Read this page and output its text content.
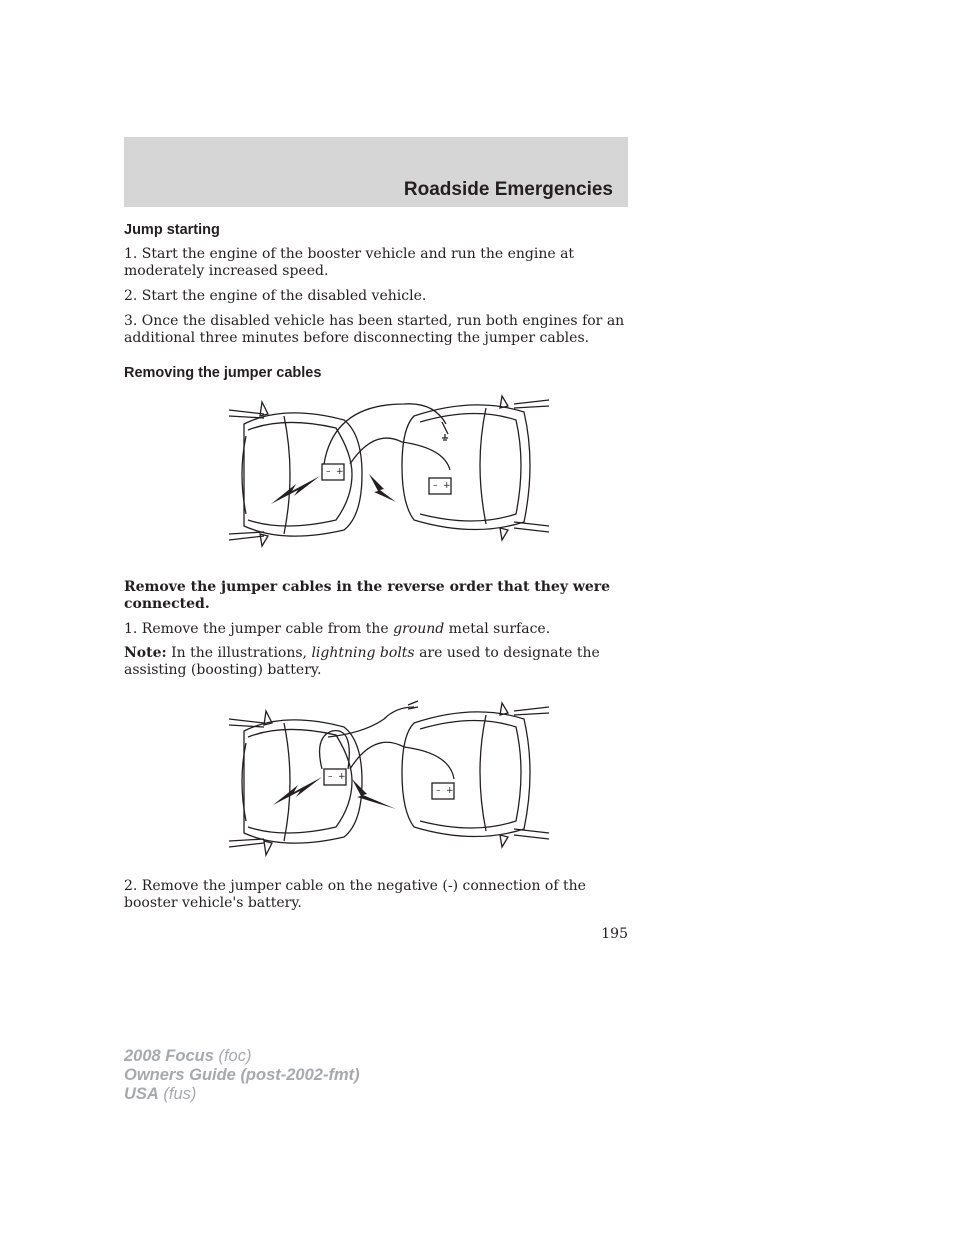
Roadside Emergencies
Jump starting

1. Start the engine of the booster vehicle and run the engine at moderately increased speed.

2. Start the engine of the disabled vehicle.

3. Once the disabled vehicle has been started, run both engines for an additional three minutes before disconnecting the jumper cables.

Removing the jumper cables
– +
– +

Remove the jumper cables in the reverse order that they were connected.

1. Remove the jumper cable from the ground metal surface.

Note: In the illustrations, lightning bolts are used to designate the assisting (boosting) battery.

– +
– +

2. Remove the jumper cable on the negative (-) connection of the booster vehicle's battery.

195
2008 Focus (foc)
Owners Guide (post-2002-fmt)
USA (fus)
